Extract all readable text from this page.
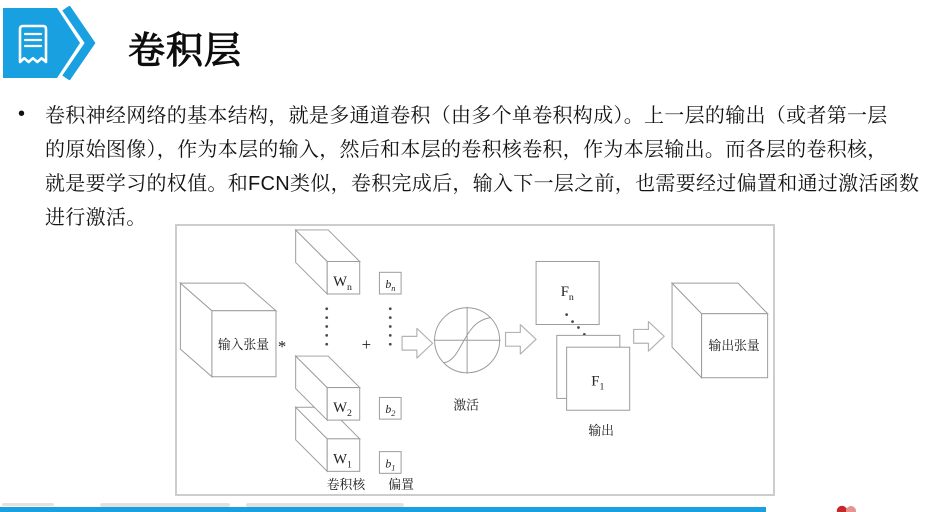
卷积层
• 卷积神经网络的基本结构，就是多通道卷积（由多个单卷积构成）。上一层的输出（或者第一层
的原始图像），作为本层的输入，然后和本层的卷积核卷积，作为本层输出。而各层的卷积核，
就是要学习的权值。和FCN类似，卷积完成后，输入下一层之前，也需要经过偏置和通过激活函数
进行激活。
输入张量 *
$W_1$
$W_2$
$W_n$
+
$b_n$
$b_2$
$b_1$
激活
$F_n$
$F_1$
输出
输出张量
卷积核 偏置
